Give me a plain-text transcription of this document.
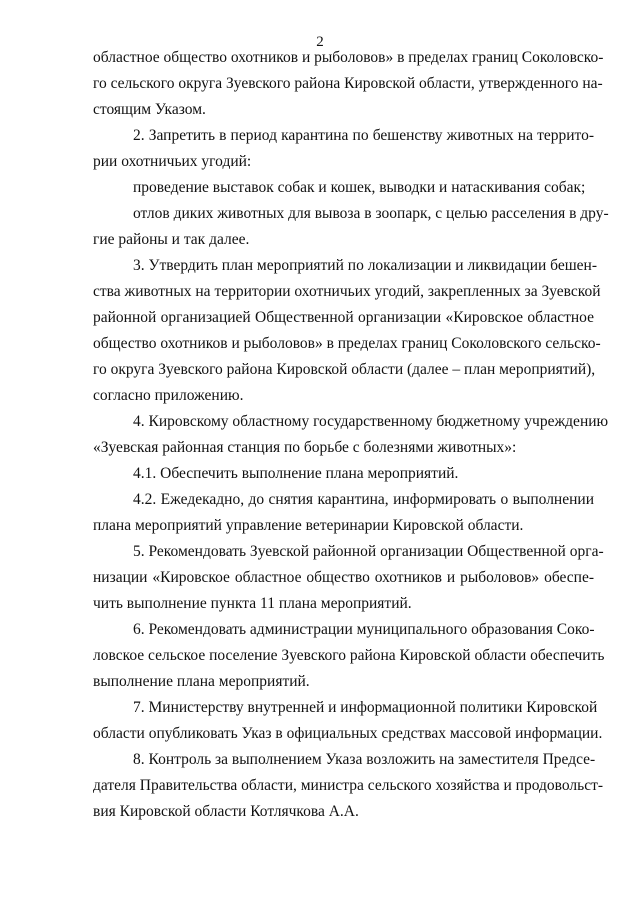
2
областное общество охотников и рыболовов» в пределах границ Соколовско-
го сельского округа Зуевского района Кировской области, утвержденного на-
стоящим Указом.
2. Запретить в период карантина по бешенству животных на террито-
рии охотничьих угодий:
проведение выставок собак и кошек, выводки и натаскивания собак;
отлов диких животных для вывоза в зоопарк, с целью расселения в дру-
гие районы и так далее.
3. Утвердить план мероприятий по локализации и ликвидации бешен-
ства животных на территории охотничьих угодий, закрепленных за Зуевской
районной организацией Общественной организации «Кировское областное
общество охотников и рыболовов» в пределах границ Соколовского сельско-
го округа Зуевского района Кировской области (далее – план мероприятий),
согласно приложению.
4. Кировскому областному государственному бюджетному учреждению
«Зуевская районная станция по борьбе с болезнями животных»:
4.1. Обеспечить выполнение плана мероприятий.
4.2. Ежедекадно, до снятия карантина, информировать о выполнении
плана мероприятий управление ветеринарии Кировской области.
5. Рекомендовать Зуевской районной организации Общественной орга-
низации «Кировское областное общество охотников и рыболовов» обеспе-
чить выполнение пункта 11 плана мероприятий.
6. Рекомендовать администрации муниципального образования Соко-
ловское сельское поселение Зуевского района Кировской области обеспечить
выполнение плана мероприятий.
7. Министерству внутренней и информационной политики Кировской
области опубликовать Указ в официальных средствах массовой информации.
8. Контроль за выполнением Указа возложить на заместителя Предсе-
дателя Правительства области, министра сельского хозяйства и продовольст-
вия Кировской области Котлячкова А.А.
